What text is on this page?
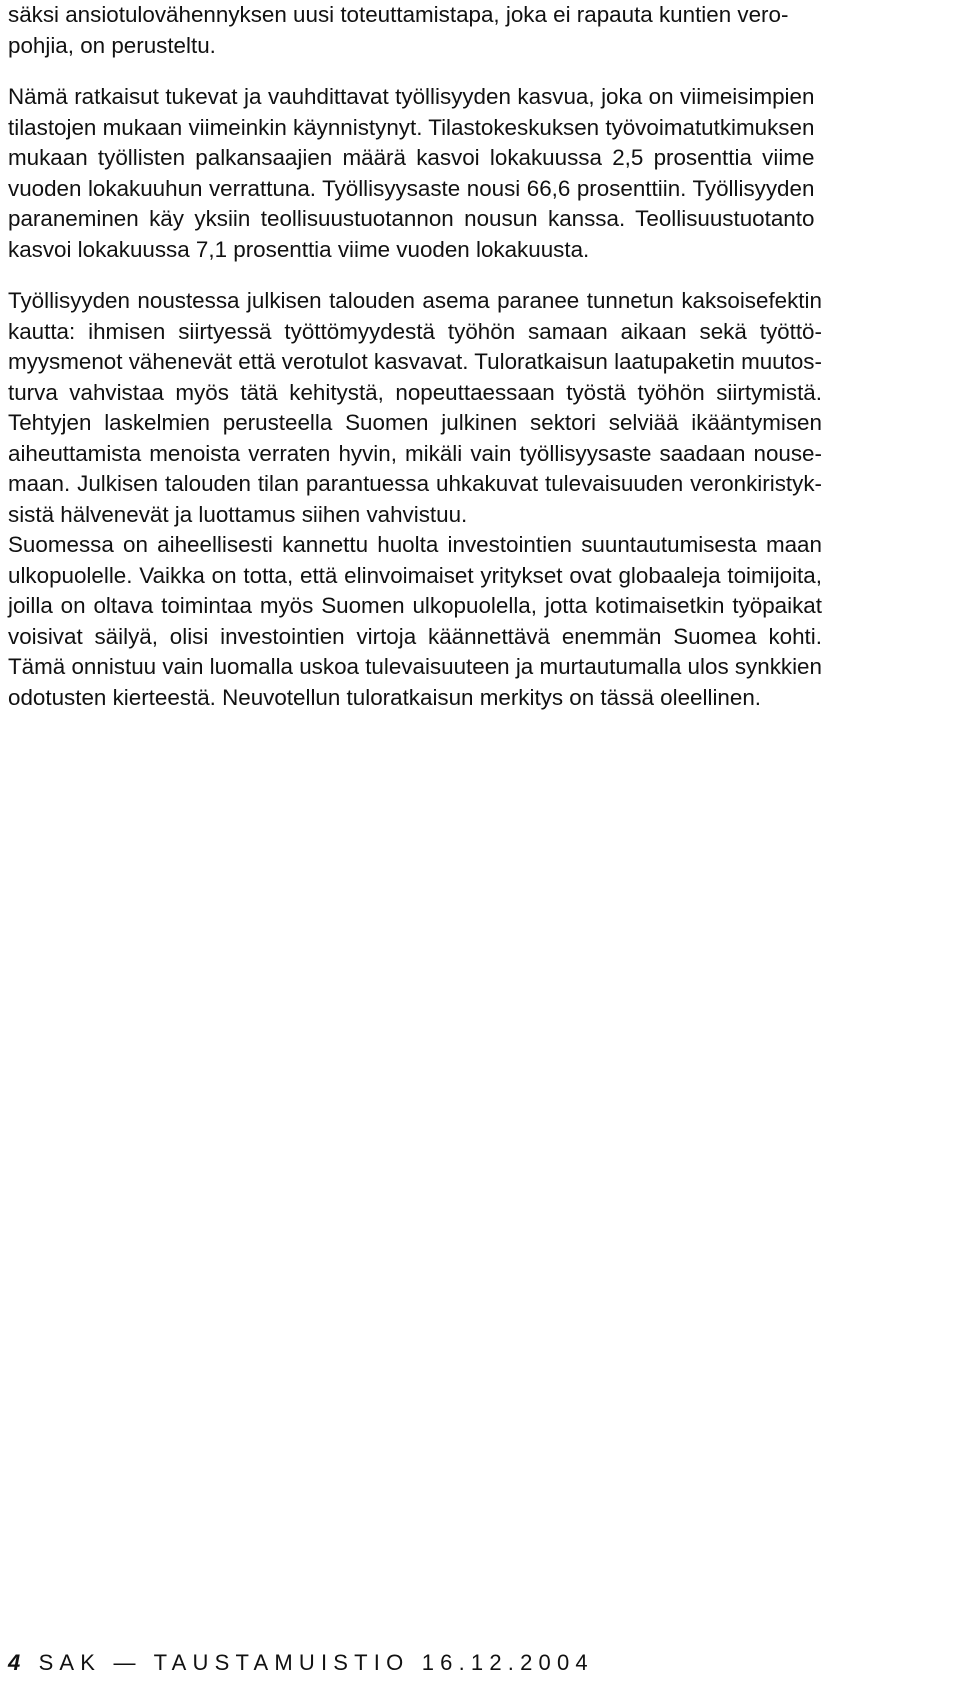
säksi ansiotulovähennyksen uusi toteuttamistapa, joka ei rapauta kuntien vero-
pohjia, on perusteltu.
Nämä ratkaisut tukevat ja vauhdittavat työllisyyden kasvua, joka on viimeisimpien
tilastojen mukaan viimeinkin käynnistynyt. Tilastokeskuksen työvoimatutkimuksen
mukaan työllisten palkansaajien määrä kasvoi lokakuussa 2,5 prosenttia viime
vuoden lokakuuhun verrattuna. Työllisyysaste nousi 66,6 prosenttiin. Työllisyyden
paraneminen käy yksiin teollisuustuotannon nousun kanssa. Teollisuustuotanto
kasvoi lokakuussa 7,1 prosenttia viime vuoden lokakuusta.
Työllisyyden noustessa julkisen talouden asema paranee tunnetun kaksoisefektin
kautta: ihmisen siirtyessä työttömyydestä työhön samaan aikaan sekä työttö-
myysmenot vähenevät että verotulot kasvavat. Tuloratkaisun laatupaketin muutos-
turva vahvistaa myös tätä kehitystä, nopeuttaessaan työstä työhön siirtymistä.
Tehtyjen laskelmien perusteella Suomen julkinen sektori selviää ikääntymisen
aiheuttamista menoista verraten hyvin, mikäli vain työllisyysaste saadaan nouse-
maan. Julkisen talouden tilan parantuessa uhkakuvat tulevaisuuden veronkiristyk-
sistä hälvenevät ja luottamus siihen vahvistuu.
Suomessa on aiheellisesti kannettu huolta investointien suuntautumisesta maan
ulkopuolelle. Vaikka on totta, että elinvoimaiset yritykset ovat globaaleja toimijoita,
joilla on oltava toimintaa myös Suomen ulkopuolella, jotta kotimaisetkin työpaikat
voisivat säilyä, olisi investointien virtoja käännettävä enemmän Suomea kohti.
Tämä onnistuu vain luomalla uskoa tulevaisuuteen ja murtautumalla ulos synkkien
odotusten kierteestä. Neuvotellun tuloratkaisun merkitys on tässä oleellinen.
4 SAK — TAUSTAMUISTIO 16.12.2004
